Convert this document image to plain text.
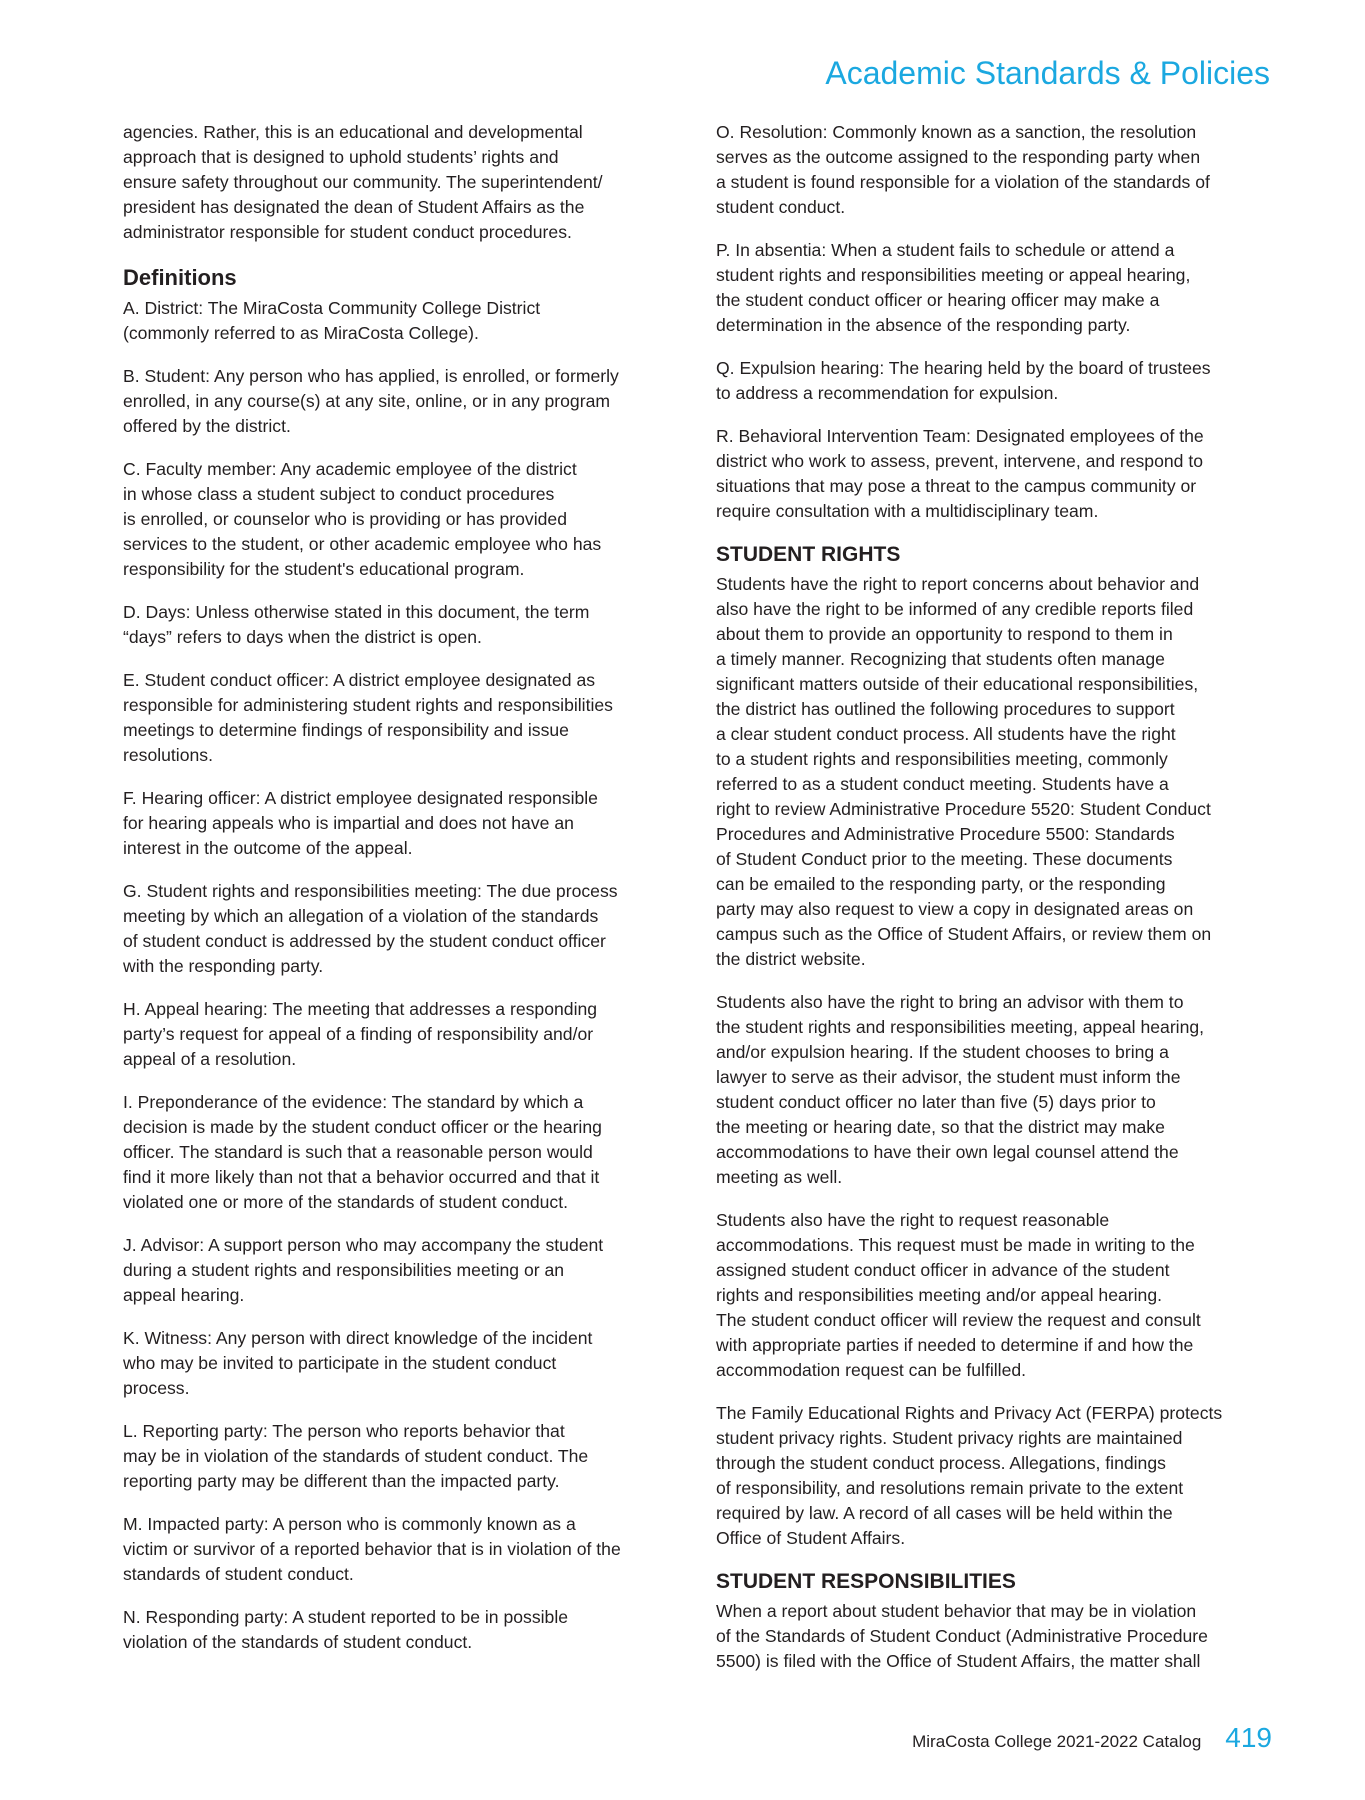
Academic Standards & Policies

agencies. Rather, this is an educational and developmental
approach that is designed to uphold students’ rights and
ensure safety throughout our community. The superintendent/
president has designated the dean of Student Affairs as the
administrator responsible for student conduct procedures.

Definitions

A. District: The MiraCosta Community College District
(commonly referred to as MiraCosta College).

B. Student: Any person who has applied, is enrolled, or formerly
enrolled, in any course(s) at any site, online, or in any program
offered by the district.

C. Faculty member: Any academic employee of the district
in whose class a student subject to conduct procedures
is enrolled, or counselor who is providing or has provided
services to the student, or other academic employee who has
responsibility for the student's educational program.

D. Days: Unless otherwise stated in this document, the term
“days” refers to days when the district is open.

E. Student conduct officer: A district employee designated as
responsible for administering student rights and responsibilities
meetings to determine findings of responsibility and issue
resolutions.

F. Hearing officer: A district employee designated responsible
for hearing appeals who is impartial and does not have an
interest in the outcome of the appeal.

G. Student rights and responsibilities meeting: The due process
meeting by which an allegation of a violation of the standards
of student conduct is addressed by the student conduct officer
with the responding party.

H. Appeal hearing: The meeting that addresses a responding
party’s request for appeal of a finding of responsibility and/or
appeal of a resolution.

I. Preponderance of the evidence: The standard by which a
decision is made by the student conduct officer or the hearing
officer. The standard is such that a reasonable person would
find it more likely than not that a behavior occurred and that it
violated one or more of the standards of student conduct.

J. Advisor: A support person who may accompany the student
during a student rights and responsibilities meeting or an
appeal hearing.

K. Witness: Any person with direct knowledge of the incident
who may be invited to participate in the student conduct
process.

L. Reporting party: The person who reports behavior that
may be in violation of the standards of student conduct. The
reporting party may be different than the impacted party.

M. Impacted party: A person who is commonly known as a
victim or survivor of a reported behavior that is in violation of the
standards of student conduct.

N. Responding party: A student reported to be in possible
violation of the standards of student conduct.

O. Resolution: Commonly known as a sanction, the resolution
serves as the outcome assigned to the responding party when
a student is found responsible for a violation of the standards of
student conduct.

P. In absentia: When a student fails to schedule or attend a
student rights and responsibilities meeting or appeal hearing,
the student conduct officer or hearing officer may make a
determination in the absence of the responding party.

Q. Expulsion hearing: The hearing held by the board of trustees
to address a recommendation for expulsion.

R. Behavioral Intervention Team: Designated employees of the
district who work to assess, prevent, intervene, and respond to
situations that may pose a threat to the campus community or
require consultation with a multidisciplinary team.

STUDENT RIGHTS

Students have the right to report concerns about behavior and
also have the right to be informed of any credible reports filed
about them to provide an opportunity to respond to them in
a timely manner. Recognizing that students often manage
significant matters outside of their educational responsibilities,
the district has outlined the following procedures to support
a clear student conduct process. All students have the right
to a student rights and responsibilities meeting, commonly
referred to as a student conduct meeting. Students have a
right to review Administrative Procedure 5520: Student Conduct
Procedures and Administrative Procedure 5500: Standards
of Student Conduct prior to the meeting. These documents
can be emailed to the responding party, or the responding
party may also request to view a copy in designated areas on
campus such as the Office of Student Affairs, or review them on
the district website.

Students also have the right to bring an advisor with them to
the student rights and responsibilities meeting, appeal hearing,
and/or expulsion hearing. If the student chooses to bring a
lawyer to serve as their advisor, the student must inform the
student conduct officer no later than five (5) days prior to
the meeting or hearing date, so that the district may make
accommodations to have their own legal counsel attend the
meeting as well.

Students also have the right to request reasonable
accommodations. This request must be made in writing to the
assigned student conduct officer in advance of the student
rights and responsibilities meeting and/or appeal hearing.
The student conduct officer will review the request and consult
with appropriate parties if needed to determine if and how the
accommodation request can be fulfilled.

The Family Educational Rights and Privacy Act (FERPA) protects
student privacy rights. Student privacy rights are maintained
through the student conduct process. Allegations, findings
of responsibility, and resolutions remain private to the extent
required by law. A record of all cases will be held within the
Office of Student Affairs.

STUDENT RESPONSIBILITIES

When a report about student behavior that may be in violation
of the Standards of Student Conduct (Administrative Procedure
5500) is filed with the Office of Student Affairs, the matter shall

MiraCosta College 2021-2022 Catalog 419
